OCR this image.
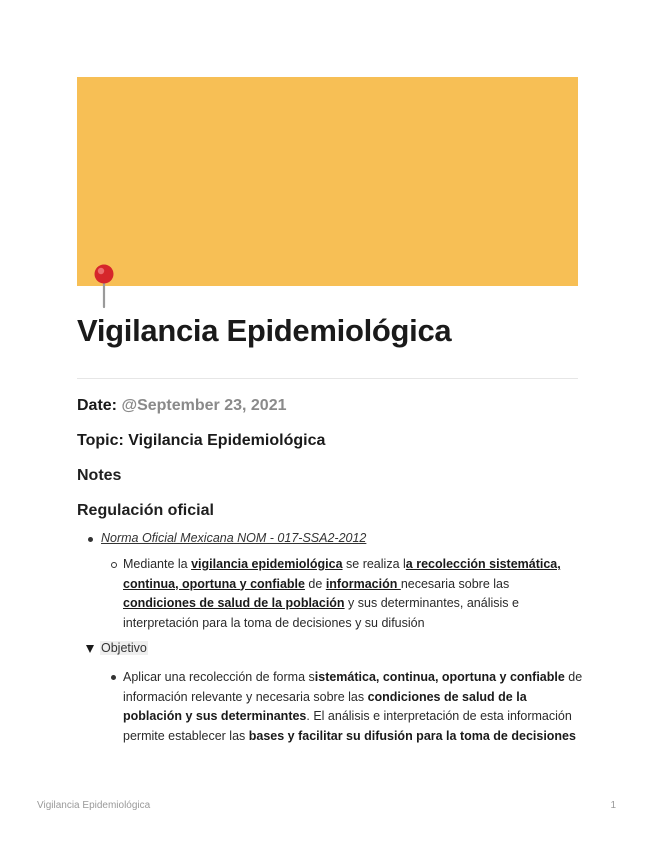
Vigilancia Epidemiológica
Date: @September 23, 2021
Topic: Vigilancia Epidemiológica
Notes
Regulación oficial
Norma Oficial Mexicana NOM - 017-SSA2-2012
Mediante la vigilancia epidemiológica se realiza la recolección sistemática, continua, oportuna y confiable de información necesaria sobre las condiciones de salud de la población y sus determinantes, análisis e interpretación para la toma de decisiones y su difusión
Objetivo
Aplicar una recolección de forma sistemática, continua, oportuna y confiable de información relevante y necesaria sobre las condiciones de salud de la población y sus determinantes. El análisis e interpretación de esta información permite establecer las bases y facilitar su difusión para la toma de decisiones
Vigilancia Epidemiológica	1
